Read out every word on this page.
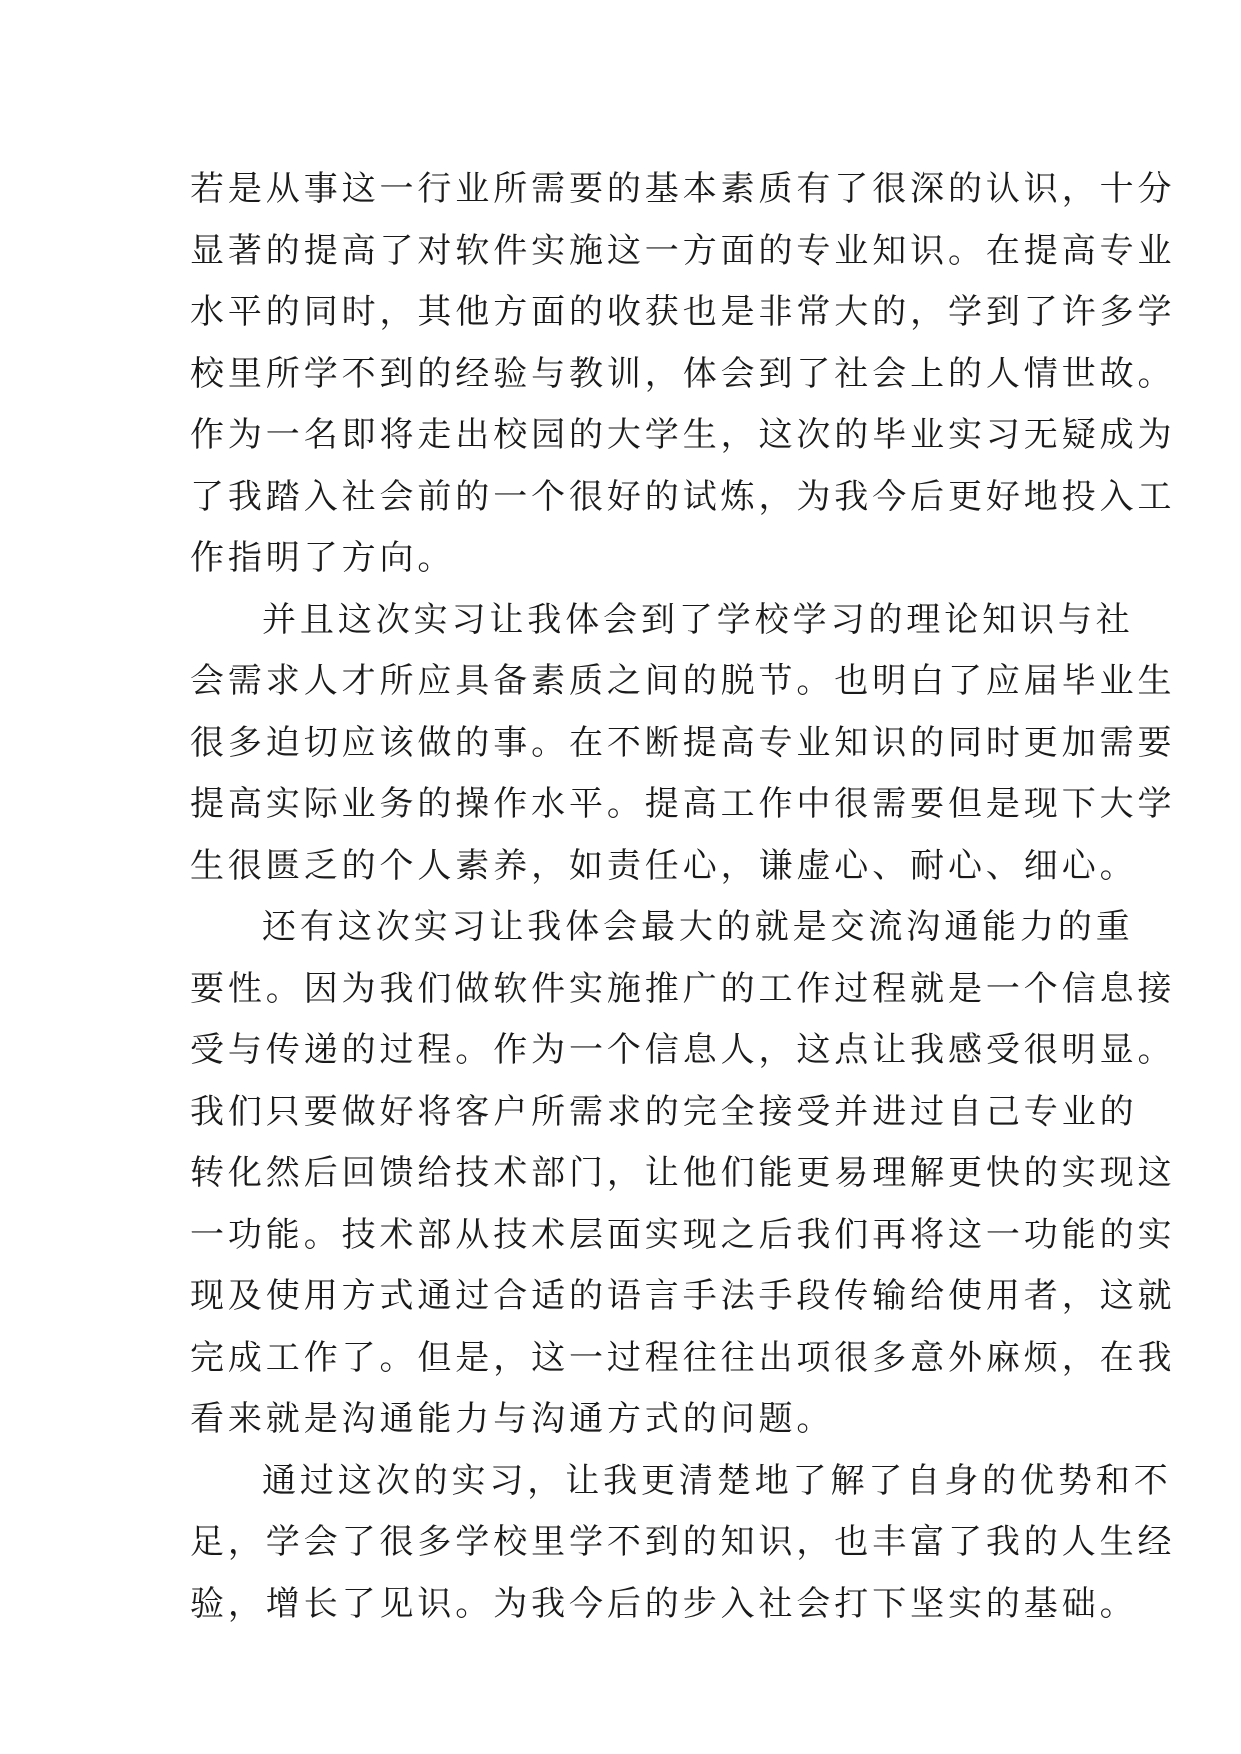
若是从事这一行业所需要的基本素质有了很深的认识，十分
显著的提高了对软件实施这一方面的专业知识。在提高专业
水平的同时，其他方面的收获也是非常大的，学到了许多学
校里所学不到的经验与教训，体会到了社会上的人情世故。
作为一名即将走出校园的大学生，这次的毕业实习无疑成为
了我踏入社会前的一个很好的试炼，为我今后更好地投入工
作指明了方向。
并且这次实习让我体会到了学校学习的理论知识与社
会需求人才所应具备素质之间的脱节。也明白了应届毕业生
很多迫切应该做的事。在不断提高专业知识的同时更加需要
提高实际业务的操作水平。提高工作中很需要但是现下大学
生很匮乏的个人素养，如责任心，谦虚心、耐心、细心。
还有这次实习让我体会最大的就是交流沟通能力的重
要性。因为我们做软件实施推广的工作过程就是一个信息接
受与传递的过程。作为一个信息人，这点让我感受很明显。
我们只要做好将客户所需求的完全接受并进过自己专业的
转化然后回馈给技术部门，让他们能更易理解更快的实现这
一功能。技术部从技术层面实现之后我们再将这一功能的实
现及使用方式通过合适的语言手法手段传输给使用者，这就
完成工作了。但是，这一过程往往出项很多意外麻烦，在我
看来就是沟通能力与沟通方式的问题。
通过这次的实习，让我更清楚地了解了自身的优势和不
足，学会了很多学校里学不到的知识，也丰富了我的人生经
验，增长了见识。为我今后的步入社会打下坚实的基础。
